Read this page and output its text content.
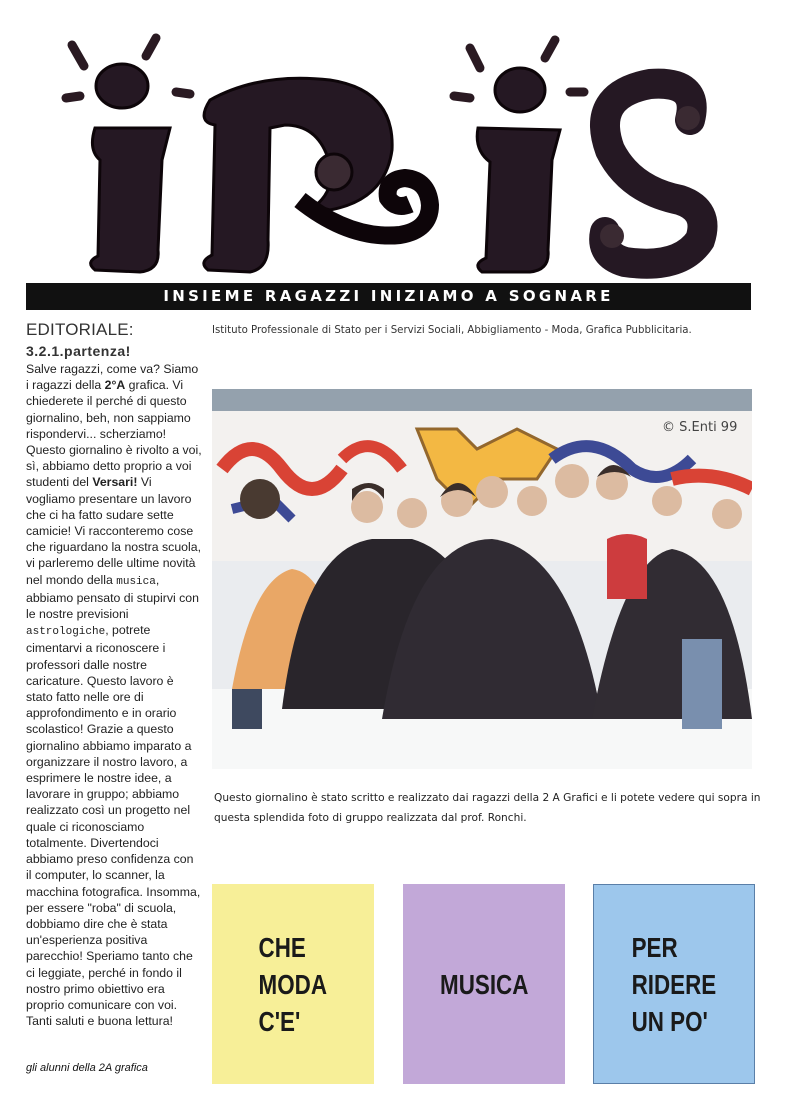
INSIEME RAGAZZI INIZIAMO A SOGNARE
EDITORIALE:
3.2.1.partenza!

Salve ragazzi, come va? Siamo i ragazzi della 2°A grafica. Vi chiederete il perché di questo giornalino, beh, non sappiamo rispondervi... scherziamo! Questo giornalino è rivolto a voi, sì, abbiamo detto proprio a voi studenti del Versari! Vi vogliamo presentare un lavoro che ci ha fatto sudare sette camicie! Vi racconteremo cose che riguardano la nostra scuola, vi parleremo delle ultime novità nel mondo della musica, abbiamo pensato di stupirvi con le nostre previsioni astrologiche, potrete cimentarvi a riconoscere i professori dalle nostre caricature. Questo lavoro è stato fatto nelle ore di approfondimento e in orario scolastico! Grazie a questo giornalino abbiamo imparato a organizzare il nostro lavoro, a esprimere le nostre idee, a lavorare in gruppo; abbiamo realizzato così un progetto nel quale ci riconosciamo totalmente. Divertendoci abbiamo preso confidenza con il computer, lo scanner, la macchina fotografica. Insomma, per essere "roba" di scuola, dobbiamo dire che è stata un'esperienza positiva parecchio! Speriamo tanto che ci leggiate, perché in fondo il nostro primo obiettivo era proprio comunicare con voi.
Tanti saluti e buona lettura!

gli alunni della 2A grafica
Istituto Professionale di Stato per i Servizi Sociali, Abbigliamento - Moda, Grafica Pubblicitaria.
© S.Enti 99
Questo giornalino è stato scritto e realizzato dai ragazzi della 2 A Grafici e li potete vedere qui sopra in questa splendida foto di gruppo realizzata dal prof. Ronchi.
CHE
MODA
C'E'
MUSICA
PER
RIDERE
UN PO'
